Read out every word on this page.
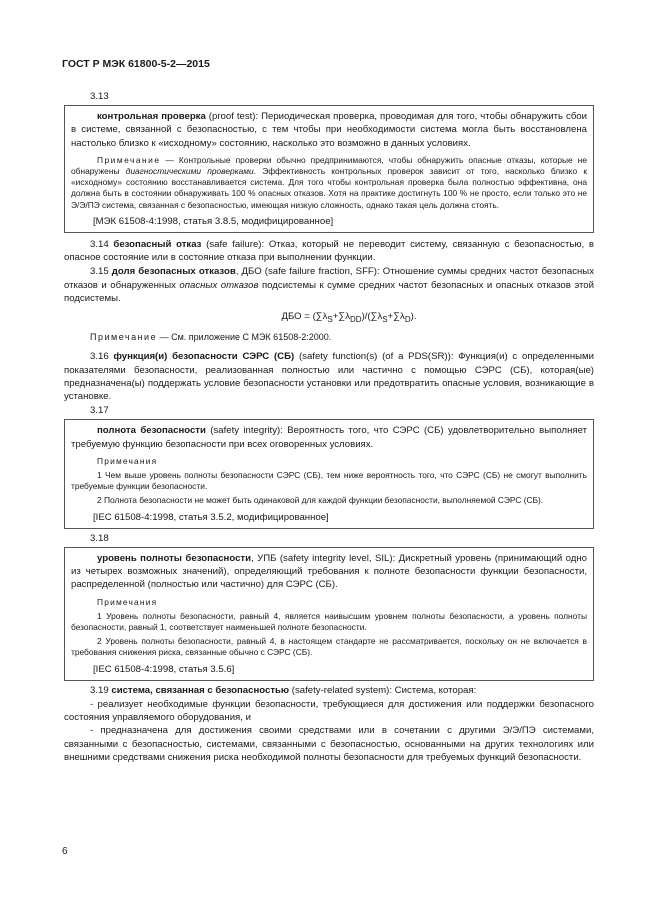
ГОСТ Р МЭК 61800-5-2—2015

3.13

контрольная проверка (proof test): Периодическая проверка, проводимая для того, чтобы обнаружить сбои в системе, связанной с безопасностью, с тем чтобы при необходимости система могла быть восстановлена настолько близко к «исходному» состоянию, насколько это возможно в данных условиях.

Примечание — Контрольные проверки обычно предпринимаются, чтобы обнаружить опасные отказы, которые не обнаружены диагностическими проверками. Эффективность контрольных проверок зависит от того, насколько близко к «исходному» состоянию восстанавливается система. Для того чтобы контрольная проверка была полностью эффективна, она должна быть в состоянии обнаруживать 100 % опасных отказов. Хотя на практике достигнуть 100 % не просто, если только это не Э/Э/ПЭ система, связанная с безопасностью, имеющая низкую сложность, однако такая цель должна стоять.

[МЭК 61508-4:1998, статья 3.8.5, модифицированное]

3.14 безопасный отказ (safe failure): Отказ, который не переводит систему, связанную с безопасностью, в опасное состояние или в состояние отказа при выполнении функции.

3.15 доля безопасных отказов, ДБО (safe failure fraction, SFF): Отношение суммы средних частот безопасных отказов и обнаруженных опасных отказов подсистемы к сумме средних частот безопасных и опасных отказов этой подсистемы.

ДБО = $(\sum\lambda_S+\sum\lambda_{DD})/(\sum\lambda_S+\sum\lambda_D)$.

Примечание — См. приложение С МЭК 61508-2:2000.

3.16 функция(и) безопасности СЭРС (СБ) (safety function(s) (of a PDS(SR)): Функция(и) с определенными показателями безопасности, реализованная полностью или частично с помощью СЭРС (СБ), которая(ые) предназначена(ы) поддержать условие безопасности установки или предотвратить опасные условия, возникающие в установке.

3.17

полнота безопасности (safety integrity): Вероятность того, что СЭРС (СБ) удовлетворительно выполняет требуемую функцию безопасности при всех оговоренных условиях.

Примечания

1 Чем выше уровень полноты безопасности СЭРС (СБ), тем ниже вероятность того, что СЭРС (СБ) не смогут выполнить требуемые функции безопасности.

2 Полнота безопасности не может быть одинаковой для каждой функции безопасности, выполняемой СЭРС (СБ).

[IEC 61508-4:1998, статья 3.5.2, модифицированное]

3.18

уровень полноты безопасности, УПБ (safety integrity level, SIL): Дискретный уровень (принимающий одно из четырех возможных значений), определяющий требования к полноте безопасности функции безопасности, распределенной (полностью или частично) для СЭРС (СБ).

Примечания

1 Уровень полноты безопасности, равный 4, является наивысшим уровнем полноты безопасности, а уровень полноты безопасности, равный 1, соответствует наименьшей полноте безопасности.

2 Уровень полноты безопасности, равный 4, в настоящем стандарте не рассматривается, поскольку он не включается в требования снижения риска, связанные обычно с СЭРС (СБ).

[IEC 61508-4:1998, статья 3.5.6]

3.19 система, связанная с безопасностью (safety-related system): Система, которая:

- реализует необходимые функции безопасности, требующиеся для достижения или поддержки безопасного состояния управляемого оборудования, и

- предназначена для достижения своими средствами или в сочетании с другими Э/Э/ПЭ системами, связанными с безопасностью, системами, связанными с безопасностью, основанными на других технологиях или внешними средствами снижения риска необходимой полноты безопасности для требуемых функций безопасности.

6
